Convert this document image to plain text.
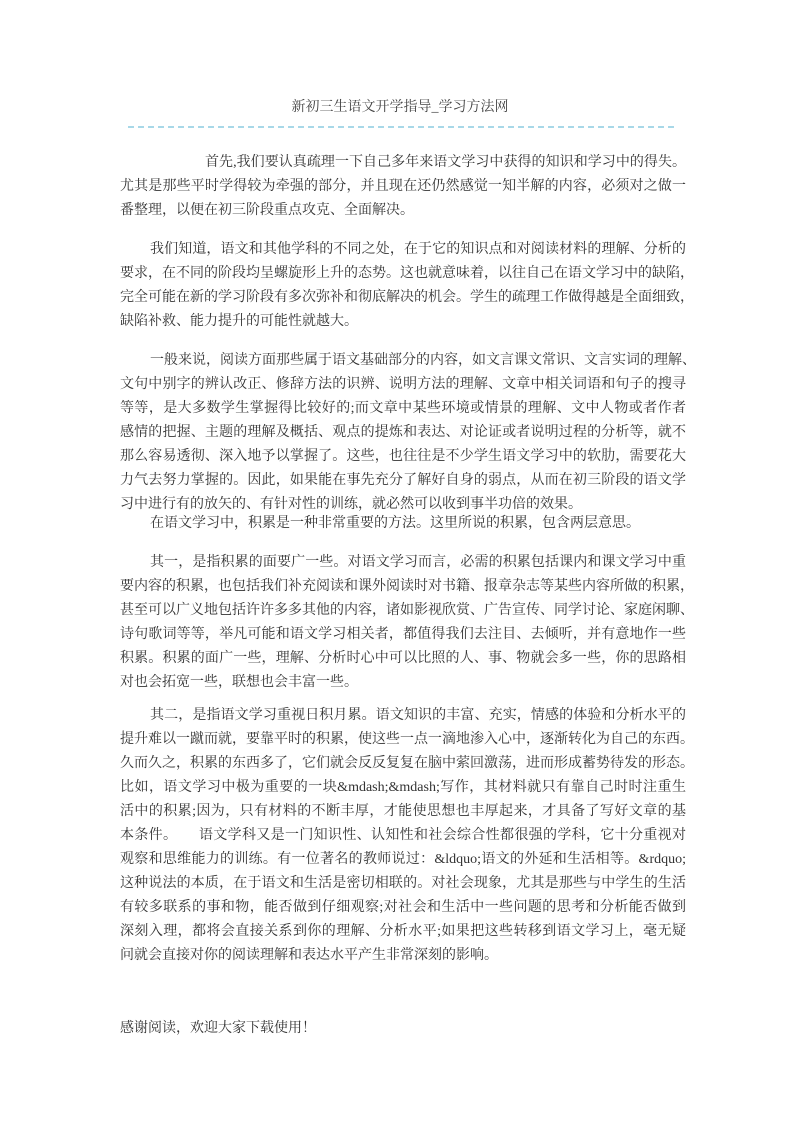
新初三生语文开学指导_学习方法网
首先,我们要认真疏理一下自己多年来语文学习中获得的知识和学习中的得失。
尤其是那些平时学得较为牵强的部分，并且现在还仍然感觉一知半解的内容，必须对之做一
番整理，以便在初三阶段重点攻克、全面解决。
我们知道，语文和其他学科的不同之处，在于它的知识点和对阅读材料的理解、分析的
要求，在不同的阶段均呈螺旋形上升的态势。这也就意味着，以往自己在语文学习中的缺陷，
完全可能在新的学习阶段有多次弥补和彻底解决的机会。学生的疏理工作做得越是全面细致，
缺陷补救、能力提升的可能性就越大。
一般来说，阅读方面那些属于语文基础部分的内容，如文言课文常识、文言实词的理解、
文句中别字的辨认改正、修辞方法的识辨、说明方法的理解、文章中相关词语和句子的搜寻
等等，是大多数学生掌握得比较好的;而文章中某些环境或情景的理解、文中人物或者作者
感情的把握、主题的理解及概括、观点的提炼和表达、对论证或者说明过程的分析等，就不
那么容易透彻、深入地予以掌握了。这些，也往往是不少学生语文学习中的软肋，需要花大
力气去努力掌握的。因此，如果能在事先充分了解好自身的弱点，从而在初三阶段的语文学
习中进行有的放矢的、有针对性的训练，就必然可以收到事半功倍的效果。
在语文学习中，积累是一种非常重要的方法。这里所说的积累，包含两层意思。
其一，是指积累的面要广一些。对语文学习而言，必需的积累包括课内和课文学习中重
要内容的积累，也包括我们补充阅读和课外阅读时对书籍、报章杂志等某些内容所做的积累，
甚至可以广义地包括许许多多其他的内容，诸如影视欣赏、广告宣传、同学讨论、家庭闲聊、
诗句歌词等等，举凡可能和语文学习相关者，都值得我们去注目、去倾听，并有意地作一些
积累。积累的面广一些，理解、分析时心中可以比照的人、事、物就会多一些，你的思路相
对也会拓宽一些，联想也会丰富一些。
其二，是指语文学习重视日积月累。语文知识的丰富、充实，情感的体验和分析水平的
提升难以一蹴而就，要靠平时的积累，使这些一点一滴地渗入心中，逐渐转化为自己的东西。
久而久之，积累的东西多了，它们就会反反复复在脑中萦回激荡，进而形成蓄势待发的形态。
比如，语文学习中极为重要的一块&mdash;&mdash;写作，其材料就只有靠自己时时注重生
活中的积累;因为，只有材料的不断丰厚，才能使思想也丰厚起来，才具备了写好文章的基
本条件。　　语文学科又是一门知识性、认知性和社会综合性都很强的学科，它十分重视对
观察和思维能力的训练。有一位著名的教师说过：&ldquo;语文的外延和生活相等。&rdquo;
这种说法的本质，在于语文和生活是密切相联的。对社会现象，尤其是那些与中学生的生活
有较多联系的事和物，能否做到仔细观察;对社会和生活中一些问题的思考和分析能否做到
深刻入理，都将会直接关系到你的理解、分析水平;如果把这些转移到语文学习上，毫无疑
问就会直接对你的阅读理解和表达水平产生非常深刻的影响。
感谢阅读，欢迎大家下载使用！
